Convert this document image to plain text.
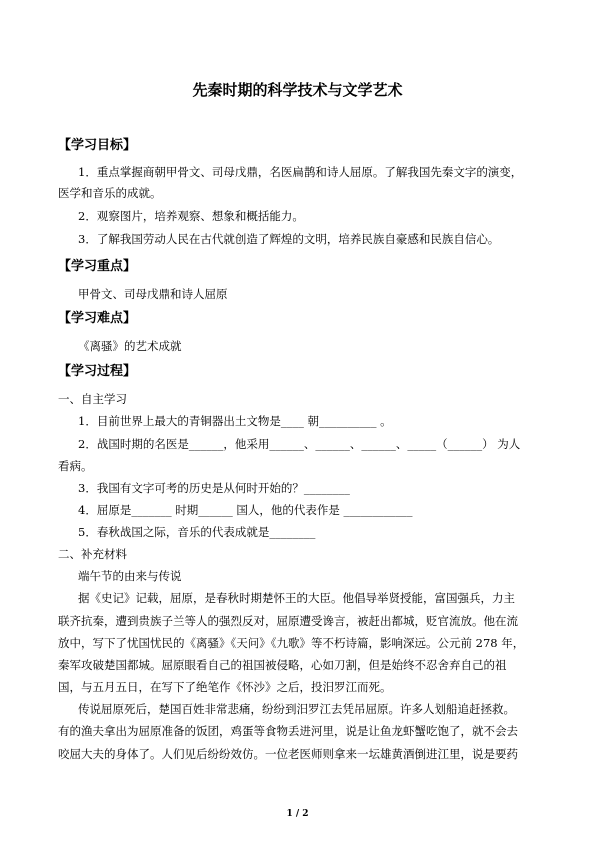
先秦时期的科学技术与文学艺术
【学习目标】
1．重点掌握商朝甲骨文、司母戊鼎，名医扁鹊和诗人屈原。了解我国先秦文字的演变，
医学和音乐的成就。
2．观察图片，培养观察、想象和概括能力。
3．了解我国劳动人民在古代就创造了辉煌的文明，培养民族自豪感和民族自信心。
【学习重点】
甲骨文、司母戊鼎和诗人屈原
【学习难点】
《离骚》的艺术成就
【学习过程】
一、自主学习
1．目前世界上最大的青铜器出土文物是____ 朝__________ 。
2．战国时期的名医是______，他采用______、______、______、_____（______） 为人
看病。
3．我国有文字可考的历史是从何时开始的？________
4．屈原是_______ 时期______ 国人，他的代表作是 ____________
5．春秋战国之际，音乐的代表成就是________
二、补充材料
端午节的由来与传说
据《史记》记载，屈原，是春秋时期楚怀王的大臣。他倡导举贤授能，富国强兵，力主
联齐抗秦，遭到贵族子兰等人的强烈反对，屈原遭受谗言，被赶出都城，贬官流放。他在流
放中，写下了忧国忧民的《离骚》《天问》《九歌》等不朽诗篇，影响深远。公元前 278 年，
秦军攻破楚国都城。屈原眼看自己的祖国被侵略，心如刀割，但是始终不忍舍弃自己的祖
国，与五月五日，在写下了绝笔作《怀沙》之后，投汨罗江而死。
传说屈原死后，楚国百姓非常悲痛，纷纷到汨罗江去凭吊屈原。许多人划船追赶拯救。
有的渔夫拿出为屈原准备的饭团，鸡蛋等食物丢进河里，说是让鱼龙虾蟹吃饱了，就不会去
咬屈大夫的身体了。人们见后纷纷效仿。一位老医师则拿来一坛雄黄酒倒进江里，说是要药
1 / 2
